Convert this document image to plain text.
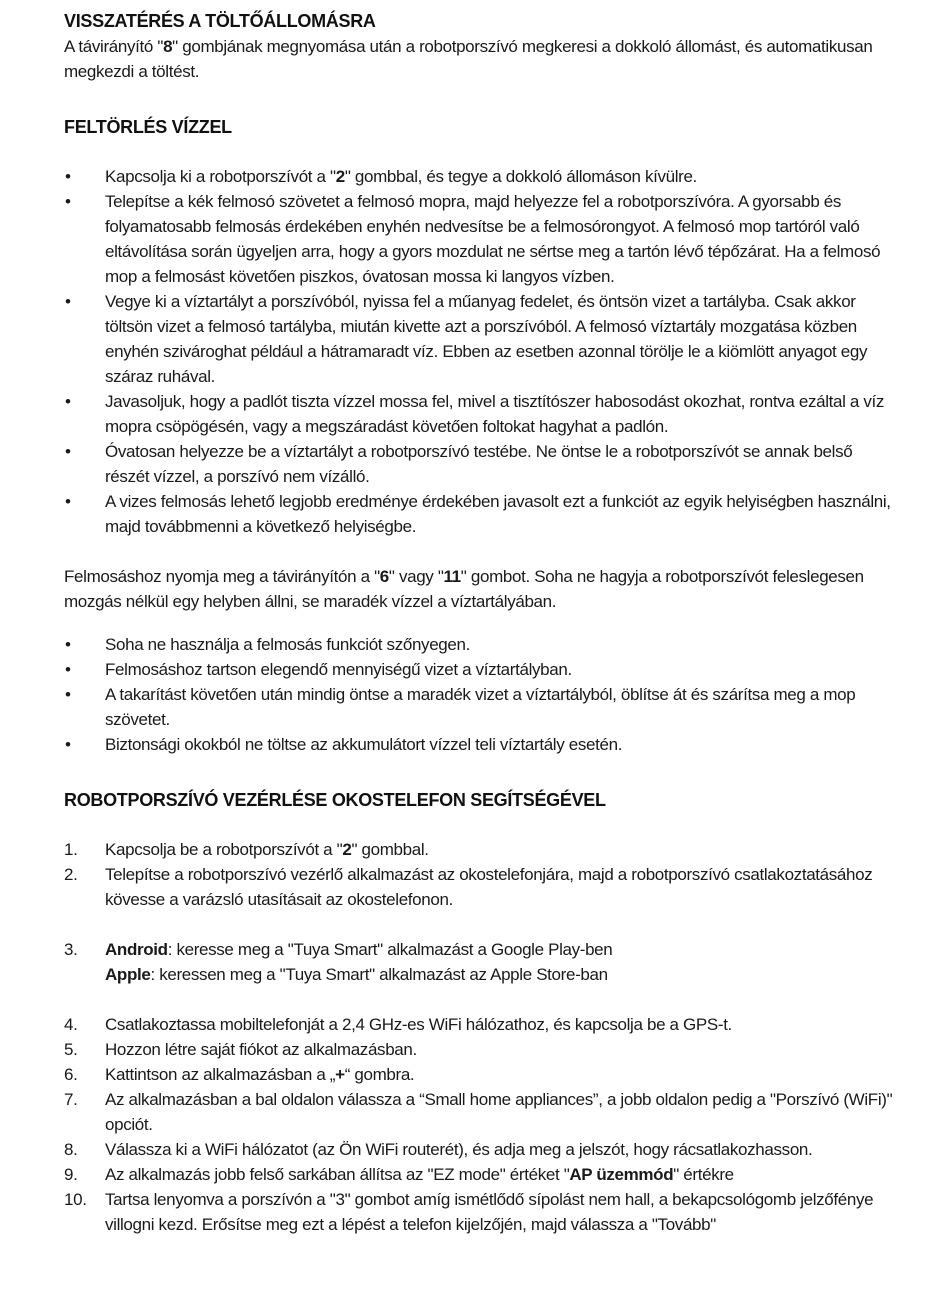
VISSZATÉRÉS A TÖLTŐÁLLOMÁSRA

A távirányító "8" gombjának megnyomása után a robotporszívó megkeresi a dokkoló állomást, és automatikusan megkezdi a töltést.

FELTÖRLÉS VÍZZEL
• Kapcsolja ki a robotporszívót a "2" gombbal, és tegye a dokkoló állomáson kívülre.
• Telepítse a kék felmosó szövetet a felmosó mopra, majd helyezze fel a robotporszívóra. A gyorsabb és folyamatosabb felmosás érdekében enyhén nedvesítse be a felmosórongyot. A felmosó mop tartóról való eltávolítása során ügyeljen arra, hogy a gyors mozdulat ne sértse meg a tartón lévő tépőzárat. Ha a felmosó mop a felmosást követően piszkos, óvatosan mossa ki langyos vízben.
• Vegye ki a víztartályt a porszívóból, nyissa fel a műanyag fedelet, és öntsön vizet a tartályba. Csak akkor töltsön vizet a felmosó tartályba, miután kivette azt a porszívóból. A felmosó víztartály mozgatása közben enyhén szivároghat például a hátramaradt víz. Ebben az esetben azonnal törölje le a kiömlött anyagot egy száraz ruhával.
• Javasoljuk, hogy a padlót tiszta vízzel mossa fel, mivel a tisztítószer habosodást okozhat, rontva ezáltal a víz mopra csöpögésén, vagy a megszáradást követően foltokat hagyhat a padlón.
• Óvatosan helyezze be a víztartályt a robotporszívó testébe. Ne öntse le a robotporszívót se annak belső részét vízzel, a porszívó nem vízálló.
• A vizes felmosás lehető legjobb eredménye érdekében javasolt ezt a funkciót az egyik helyiségben használni, majd továbbmenni a következő helyiségbe.

Felmosáshoz nyomja meg a távirányítón a "6" vagy "11" gombot. Soha ne hagyja a robotporszívót feleslegesen mozgás nélkül egy helyben állni, se maradék vízzel a víztartályában.

• Soha ne használja a felmosás funkciót szőnyegen.
• Felmosáshoz tartson elegendő mennyiségű vizet a víztartályban.
• A takarítást követően után mindig öntse a maradék vizet a víztartályból, öblítse át és szárítsa meg a mop szövetet.
• Biztonsági okokból ne töltse az akkumulátort vízzel teli víztartály esetén.
ROBOTPORSZÍVÓ VEZÉRLÉSE OKOSTELEFON SEGÍTSÉGÉVEL
1. Kapcsolja be a robotporszívót a "2" gombbal.
2. Telepítse a robotporszívó vezérlő alkalmazást az okostelefonjára, majd a robotporszívó csatlakoztatásához kövesse a varázsló utasításait az okostelefonon.
3. Android: keresse meg a "Tuya Smart" alkalmazást a Google Play-ben
Apple: keressen meg a "Tuya Smart" alkalmazást az Apple Store-ban
4. Csatlakoztassa mobiltelefonját a 2,4 GHz-es WiFi hálózathoz, és kapcsolja be a GPS-t.
5. Hozzon létre saját fiókot az alkalmazásban.
6. Kattintson az alkalmazásban a „+“ gombra.
7. Az alkalmazásban a bal oldalon válassza a “Small home appliances”, a jobb oldalon pedig a "Porszívó (WiFi)" opciót.
8. Válassza ki a WiFi hálózatot (az Ön WiFi routerét), és adja meg a jelszót, hogy rácsatlakozhasson.
9. Az alkalmazás jobb felső sarkában állítsa az "EZ mode" értéket "AP üzemmód" értékre
10. Tartsa lenyomva a porszívón a "3" gombot amíg ismétlődő sípolást nem hall, a bekapcsológomb jelzőfénye villogni kezd. Erősítse meg ezt a lépést a telefon kijelzőjén, majd válassza a "Tovább"
